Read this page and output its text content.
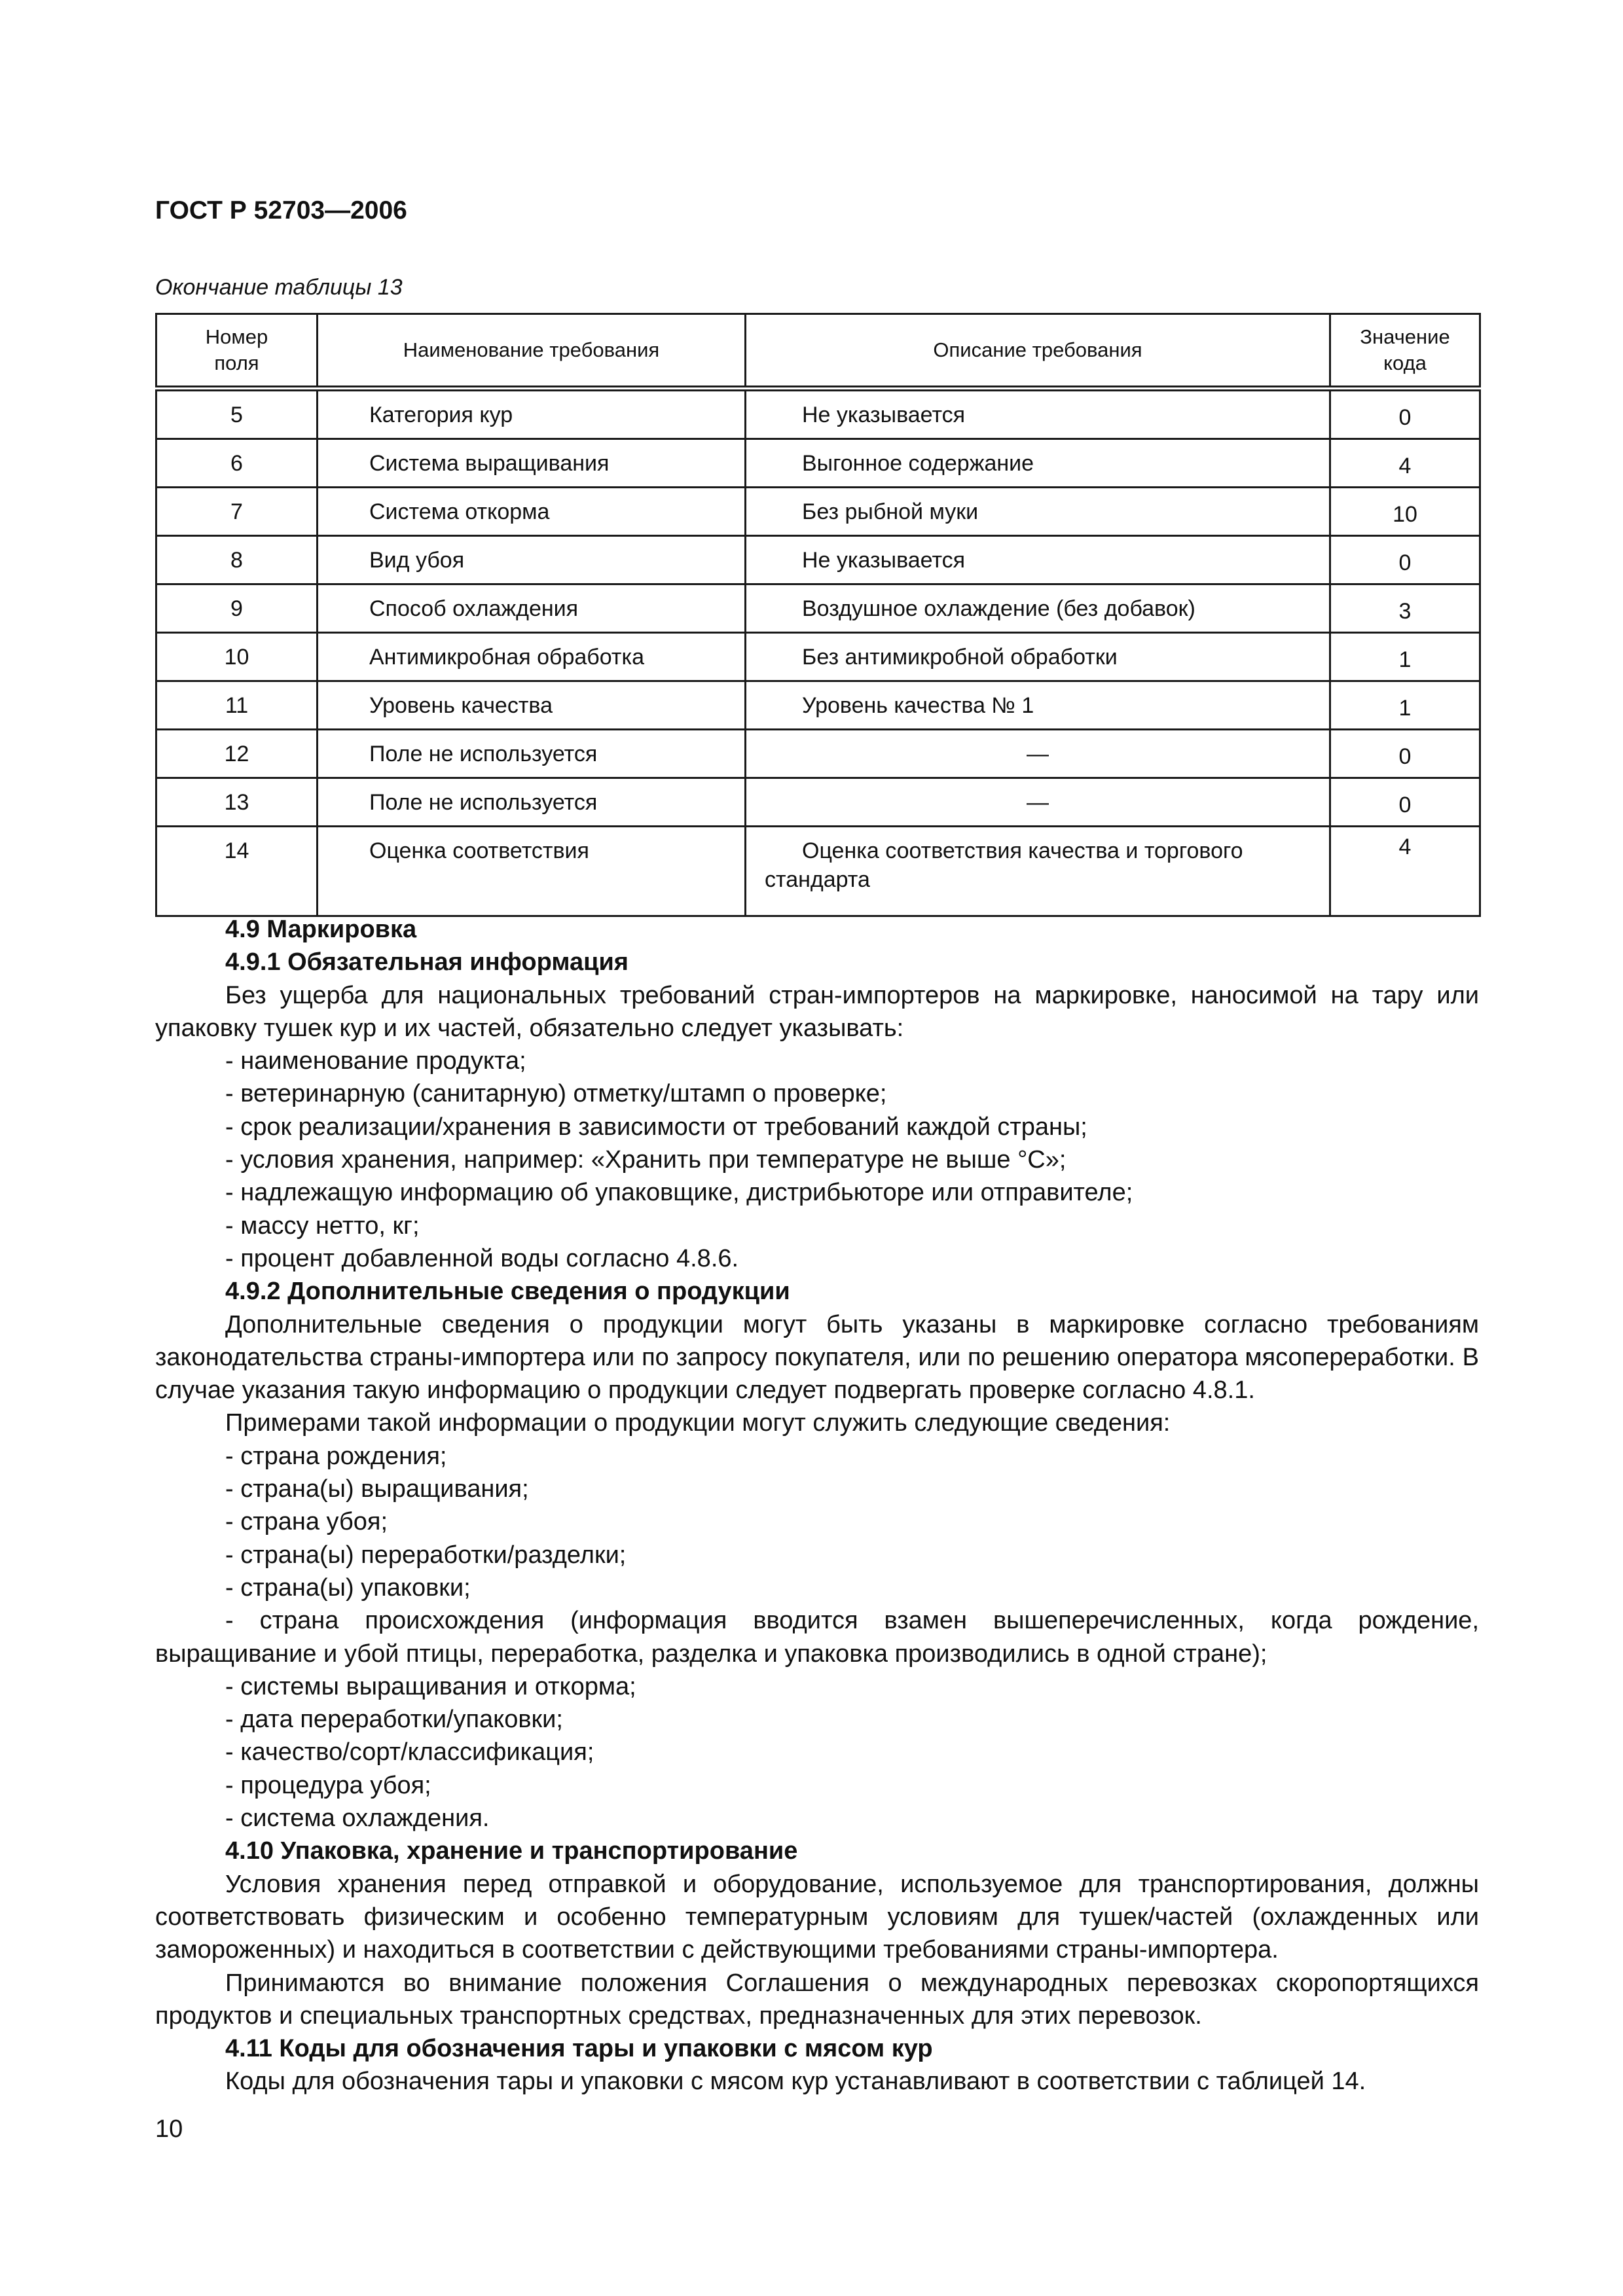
ГОСТ Р 52703—2006
Окончание таблицы 13
Номер поля	Наименование требования	Описание требования	Значение кода

5	Категория кур	Не указывается	0
6	Система выращивания	Выгонное содержание	4
7	Система откорма	Без рыбной муки	10
8	Вид убоя	Не указывается	0
9	Способ охлаждения	Воздушное охлаждение (без добавок)	3
10	Антимикробная обработка	Без антимикробной обработки	1
11	Уровень качества	Уровень качества № 1	1
12	Поле не используется	—	0
13	Поле не используется	—	0
14	Оценка соответствия	Оценка соответствия качества и торгового стандарта	4

4.9 Маркировка

4.9.1 Обязательная информация

Без ущерба для национальных требований стран-импортеров на маркировке, наносимой на тару или упаковку тушек кур и их частей, обязательно следует указывать:

- наименование продукта;

- ветеринарную (санитарную) отметку/штамп о проверке;

- срок реализации/хранения в зависимости от требований каждой страны;

- условия хранения, например: «Хранить при температуре не выше °С»;

- надлежащую информацию об упаковщике, дистрибьюторе или отправителе;

- массу нетто, кг;

- процент добавленной воды согласно 4.8.6.

4.9.2 Дополнительные сведения о продукции

Дополнительные сведения о продукции могут быть указаны в маркировке согласно требованиям законодательства страны-импортера или по запросу покупателя, или по решению оператора мясопереработки. В случае указания такую информацию о продукции следует подвергать проверке согласно 4.8.1.

Примерами такой информации о продукции могут служить следующие сведения:

- страна рождения;

- страна(ы) выращивания;

- страна убоя;

- страна(ы) переработки/разделки;

- страна(ы) упаковки;

- страна происхождения (информация вводится взамен вышеперечисленных, когда рождение, выращивание и убой птицы, переработка, разделка и упаковка производились в одной стране);

- системы выращивания и откорма;

- дата переработки/упаковки;

- качество/сорт/классификация;

- процедура убоя;

- система охлаждения.

4.10 Упаковка, хранение и транспортирование

Условия хранения перед отправкой и оборудование, используемое для транспортирования, должны соответствовать физическим и особенно температурным условиям для тушек/частей (охлажденных или замороженных) и находиться в соответствии с действующими требованиями страны-импортера.

Принимаются во внимание положения Соглашения о международных перевозках скоропортящихся продуктов и специальных транспортных средствах, предназначенных для этих перевозок.

4.11 Коды для обозначения тары и упаковки с мясом кур

Коды для обозначения тары и упаковки с мясом кур устанавливают в соответствии с таблицей 14.

10
